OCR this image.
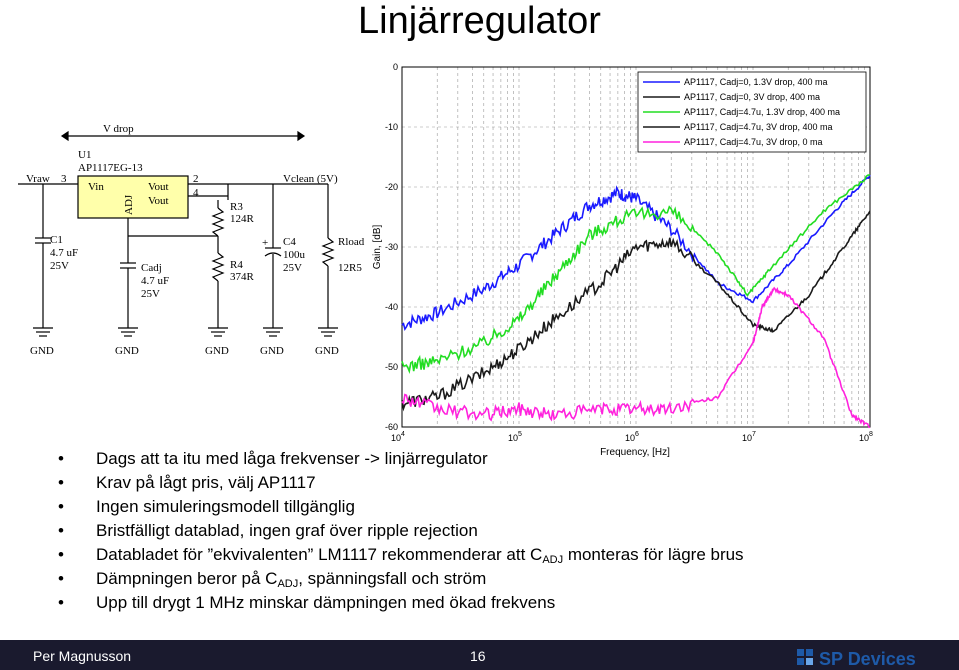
Linjärregulator
V drop
U1
AP1117EG-13
Vraw 3
Vin	Vout
Vout
ADJ
2
4
Vclean (5V)
R3
124R
R4
374R
C1
4.7 uF
25V	Cadj
4.7 uF
25V
C4
100u
25V
+	Rload
12R5
GND	GND	GND	GND	GND
0
-10
-20
-30
-40
-50
-60
$10^4$	$10^5$	$10^6$	$10^7$	$10^8$
Gain, [dB]
Frequency, [Hz]
AP1117, Cadj=0, 1.3V drop, 400 ma
AP1117, Cadj=0, 3V drop, 400 ma
AP1117, Cadj=4.7u, 1.3V drop, 400 ma
AP1117, Cadj=4.7u, 3V drop, 400 ma
AP1117, Cadj=4.7u, 3V drop, 0 ma
• Dags att ta itu med låga frekvenser -> linjärregulator
• Krav på lågt pris, välj AP1117
• Ingen simuleringsmodell tillgänglig
• Bristfälligt datablad, ingen graf över ripple rejection
• Databladet för ”ekvivalenten” LM1117 rekommenderar att $C_{ADJ}$ monteras för lägre brus
• Dämpningen beror på $C_{ADJ}$, spänningsfall och ström
• Upp till drygt 1 MHz minskar dämpningen med ökad frekvens
Per Magnusson	16	SP Devices
